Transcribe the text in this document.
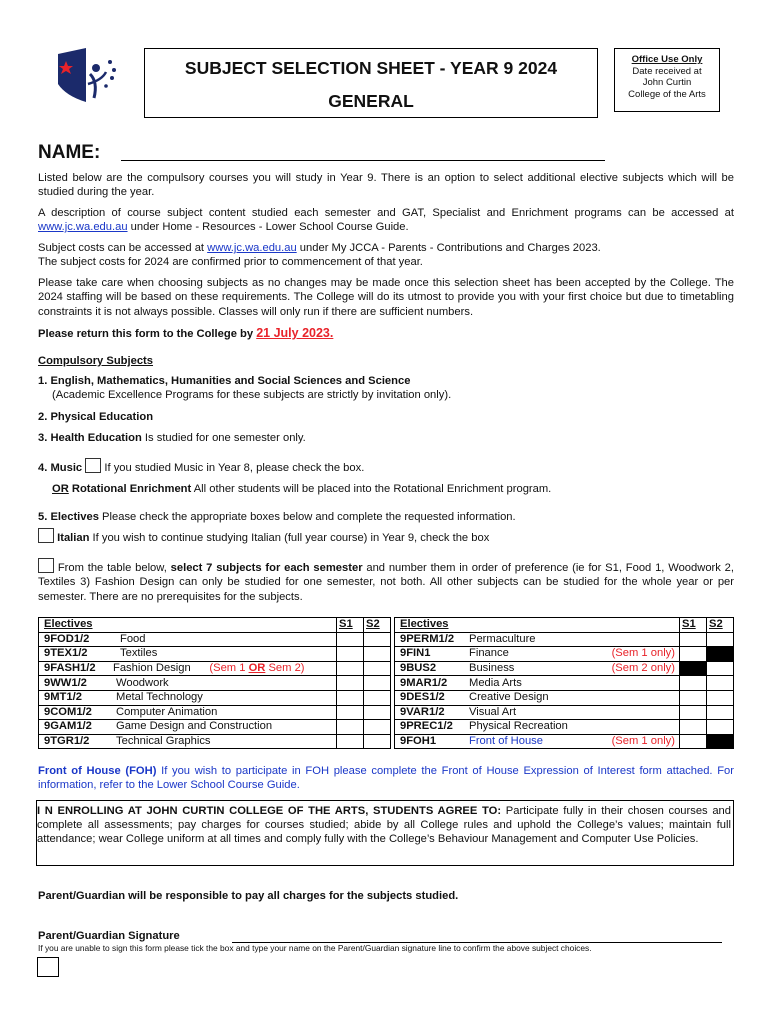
SUBJECT SELECTION SHEET - YEAR 9 2024
GENERAL
Office Use Only
Date received at
John Curtin
College of the Arts
NAME:
Listed below are the compulsory courses you will study in Year 9. There is an option to select additional elective subjects which will be studied during the year.
A description of course subject content studied each semester and GAT, Specialist and Enrichment programs can be accessed at www.jc.wa.edu.au under Home - Resources - Lower School Course Guide.
Subject costs can be accessed at www.jc.wa.edu.au under My JCCA - Parents - Contributions and Charges 2023.
The subject costs for 2024 are confirmed prior to commencement of that year.
Please take care when choosing subjects as no changes may be made once this selection sheet has been accepted by the College. The 2024 staffing will be based on these requirements. The College will do its utmost to provide you with your first choice but due to timetabling constraints it is not always possible. Classes will only run if there are sufficient numbers.
Please return this form to the College by 21 July 2023.
Compulsory Subjects
1. English, Mathematics, Humanities and Social Sciences and Science
(Academic Excellence Programs for these subjects are strictly by invitation only).
2. Physical Education
3. Health Education Is studied for one semester only.
4. Music  If you studied Music in Year 8, please check the box.
OR Rotational Enrichment All other students will be placed into the Rotational Enrichment program.
5. Electives Please check the appropriate boxes below and complete the requested information.
Italian If you wish to continue studying Italian (full year course) in Year 9, check the box
From the table below, select 7 subjects for each semester and number them in order of preference (ie for S1, Food 1, Woodwork 2, Textiles 3) Fashion Design can only be studied for one semester, not both. All other subjects can be studied for the whole year or per semester. There are no prerequisites for the subjects.
Electives		S1	S2
9FOD1/2	Food		
9TEX1/2	Textiles		
9FASH1/2	Fashion Design (Sem 1 OR Sem 2)		
9WW1/2	Woodwork		
9MT1/2	Metal Technology		
9COM1/2	Computer Animation		
9GAM1/2	Game Design and Construction		
9TGR1/2	Technical Graphics		
Electives		S1	S2
9PERM1/2	Permaculture		
9FIN1	Finance (Sem 1 only)		

9BUS2	Business (Sem 2 only)		

9MAR1/2	Media Arts		
9DES1/2	Creative Design		
9VAR1/2	Visual Art		
9PREC1/2	Physical Recreation		
9FOH1	Front of House (Sem 1 only)		

Front of House (FOH) If you wish to participate in FOH please complete the Front of House Expression of Interest form attached. For information, refer to the Lower School Course Guide.
I N ENROLLING AT JOHN CURTIN COLLEGE OF THE ARTS, STUDENTS AGREE TO: Participate fully in their chosen courses and complete all assessments; pay charges for courses studied; abide by all College rules and uphold the College’s values; maintain full attendance; wear College uniform at all times and comply fully with the College’s Behaviour Management and Computer Use Policies.
Parent/Guardian will be responsible to pay all charges for the subjects studied.
Parent/Guardian Signature
If you are unable to sign this form please tick the box and type your name on the Parent/Guardian signature line to confirm the above subject choices.
